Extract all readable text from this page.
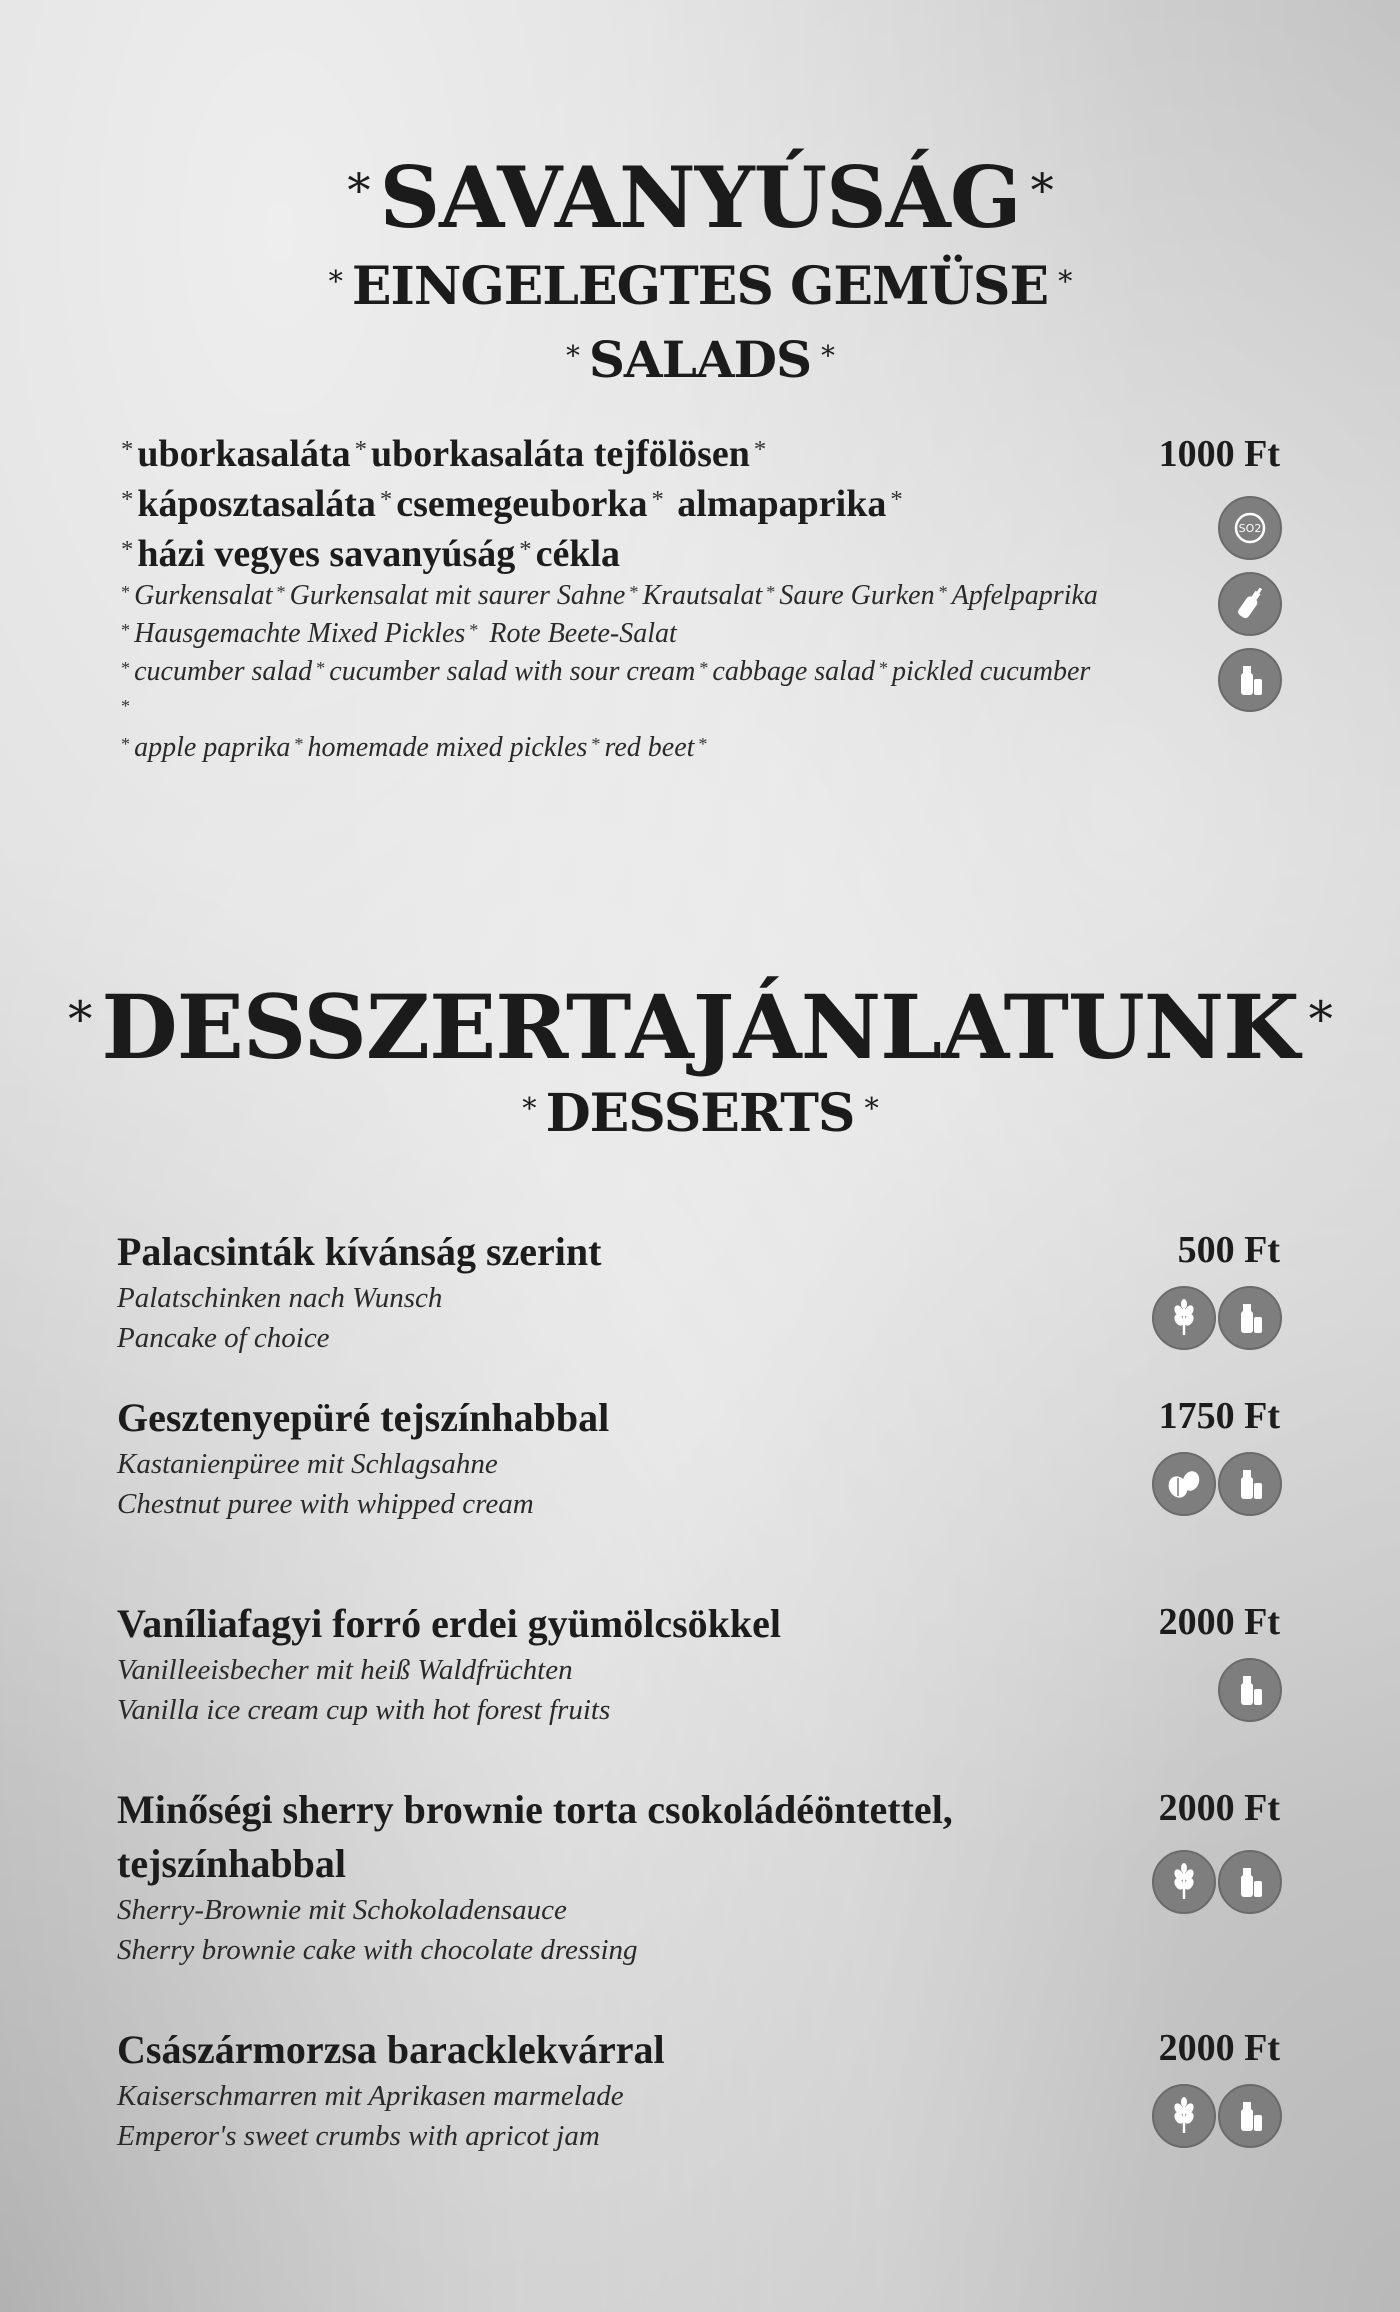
* SAVANYÚSÁG *
* EINGELEGTES GEMÜSE *
* SALADS *
* uborkasaláta * uborkasaláta tejfölösen *
* káposztasaláta * csemegeuborka * almapaprika *
* házi vegyes savanyúság * cékla
* Gurkensalat * Gurkensalat mit saurer Sahne * Krautsalat * Saure Gurken * Apfelpaprika
* Hausgemachte Mixed Pickles * Rote Beete-Salat
* cucumber salad * cucumber salad with sour cream * cabbage salad * pickled cucumber
*
* apple paprika * homemade mixed pickles * red beet *
1000 Ft
SO2
* DESSZERTAJÁNLATUNK *
* DESSERTS *
Palacsinták kívánság szerint
Palatschinken nach Wunsch
Pancake of choice
500 Ft
Gesztenyepüré tejszínhabbal
Kastanienpüree mit Schlagsahne
Chestnut puree with whipped cream
1750 Ft
Vaníliafagyi forró erdei gyümölcsökkel
Vanilleeisbecher mit heiß Waldfrüchten
Vanilla ice cream cup with hot forest fruits
2000 Ft
Minőségi sherry brownie torta csokoládéöntettel,
tejszínhabbal
Sherry-Brownie mit Schokoladensauce
Sherry brownie cake with chocolate dressing
2000 Ft
Császármorzsa baracklekvárral
Kaiserschmarren mit Aprikasen marmelade
Emperor's sweet crumbs with apricot jam
2000 Ft
